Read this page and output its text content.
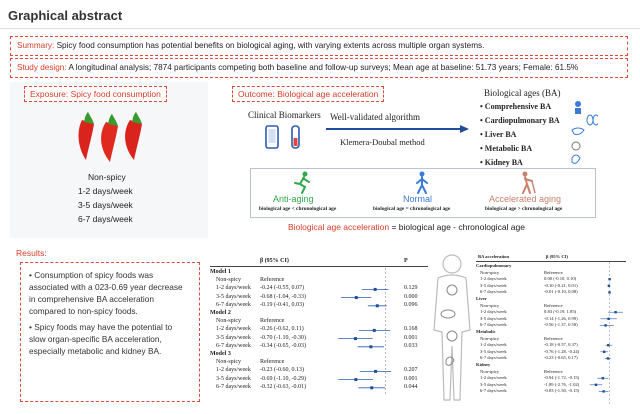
Graphical abstract
Summary: Spicy food consumption has potential benefits on biological aging, with varying extents across multiple organ systems.
Study design: A longitudinal analysis; 7874 participants competing both baseline and follow-up surveys; Mean age at baseline: 51.73 years; Female: 61.5%
Exposure: Spicy food consumption
Non-spicy
1-2 days/week
3-5 days/week
6-7 days/week
Outcome: Biological age acceleration
Clinical Biomarkers Well-validated algorithm
Klemera-Doubal method
Biological ages (BA)
• Comprehensive BA
• Cardiopulmonary BA
• Liver BA
• Metabolic BA
• Kidney BA
Anti-aging
biological age < chronological age
Normal
biological age = chronological age
Accelerated aging
biological age > chronological age
Biological age acceleration = biological age - chronological age
Results:
• Consumption of spicy foods was associated with a 023-0.69 year decrease in comprehensive BA acceleration compared to non-spicy foods.
• Spicy foods may have the potential to slow organ-specific BA acceleration, especially metabolic and kidney BA.
β (95% CI)	P
Model 1
Non-spicy	Reference
1-2 days/week -0.24 (-0.55, 0.07)	0.129
3-5 days/week -0.68 (-1.04, -0.33)	0.000
6-7 days/week -0.19 (-0.41, 0.03)	0.096
Model 2
Non-spicy	Reference
1-2 days/week -0.26 (-0.62, 0.11)	0.168
3-5 days/week -0.70 (-1.10, -0.30)	0.001
6-7 days/week -0.34 (-0.65, -0.03)	0.033
Model 3
Non-spicy	Reference
1-2 days/week -0.23 (-0.60, 0.13)	0.207
3-5 days/week -0.69 (-1.10, -0.29)	0.001
6-7 days/week -0.32 (-0.63, -0.01)	0.044
BA acceleration	β (95% CI)
Cardiopulmonary
Non-spicy	Reference
1-2 days/week	0.00 (-0.10, 0.10)
3-5 days/week	-0.10 (-0.21, 0.01)
6-7 days/week	-0.01 (-0.10, 0.08)
Liver
Non-spicy	Reference
1-2 days/week	0.83 (-0.19, 1.85)
3-5 days/week	-0.14 (-1.26, 0.99)
6-7 days/week	-0.56 (-1.37, 0.58)
Metabolic
Non-spicy	Reference
1-2 days/week	-0.18 (-0.57, 0.37)
3-5 days/week	-0.76 (-1.28, -0.24)
6-7 days/week	-0.23 (-0.65, 0.17)
Kidney
Non-spicy	Reference
1-2 days/week	-0.94 (-1.72, -0.15)
3-5 days/week	-1.89 (-2.76, -1.02)
6-7 days/week	-0.83 (-1.50, -0.15)
